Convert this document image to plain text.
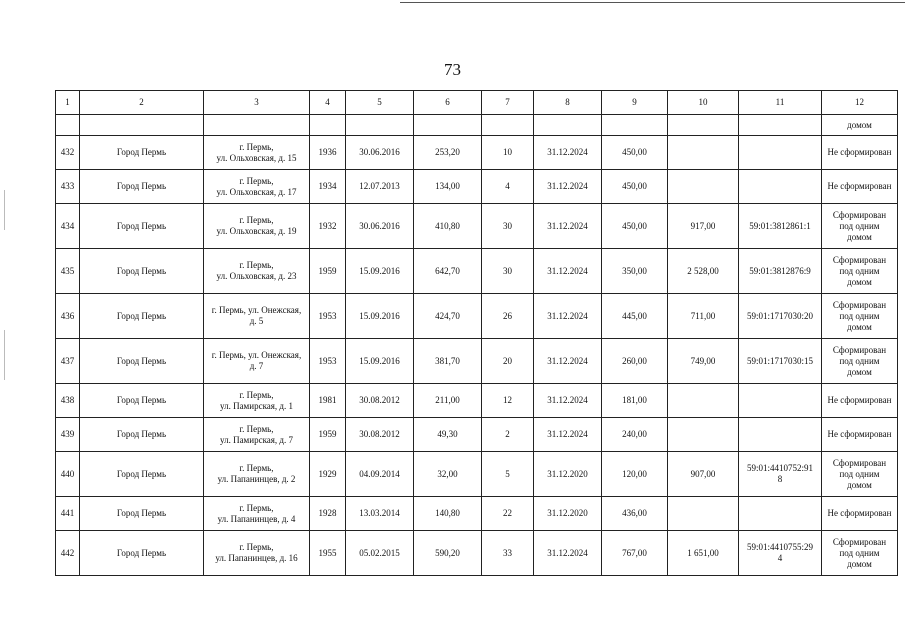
73
1	2	3	4	5	6	7	8	9	10	11	12
											домом
432	Город Пермь	г. Пермь,
ул. Ольховская, д. 15	1936	30.06.2016	253,20	10	31.12.2024	450,00			Не сформирован
433	Город Пермь	г. Пермь,
ул. Ольховская, д. 17	1934	12.07.2013	134,00	4	31.12.2024	450,00			Не сформирован
434	Город Пермь	г. Пермь,
ул. Ольховская, д. 19	1932	30.06.2016	410,80	30	31.12.2024	450,00	917,00	59:01:3812861:1	Сформирован
под одним
домом
435	Город Пермь	г. Пермь,
ул. Ольховская, д. 23	1959	15.09.2016	642,70	30	31.12.2024	350,00	2 528,00	59:01:3812876:9	Сформирован
под одним
домом
436	Город Пермь	г. Пермь, ул. Онежская,
д. 5	1953	15.09.2016	424,70	26	31.12.2024	445,00	711,00	59:01:1717030:20	Сформирован
под одним
домом
437	Город Пермь	г. Пермь, ул. Онежская,
д. 7	1953	15.09.2016	381,70	20	31.12.2024	260,00	749,00	59:01:1717030:15	Сформирован
под одним
домом
438	Город Пермь	г. Пермь,
ул. Памирская, д. 1	1981	30.08.2012	211,00	12	31.12.2024	181,00			Не сформирован
439	Город Пермь	г. Пермь,
ул. Памирская, д. 7	1959	30.08.2012	49,30	2	31.12.2024	240,00			Не сформирован
440	Город Пермь	г. Пермь,
ул. Папанинцев, д. 2	1929	04.09.2014	32,00	5	31.12.2020	120,00	907,00	59:01:4410752:91
8	Сформирован
под одним
домом
441	Город Пермь	г. Пермь,
ул. Папанинцев, д. 4	1928	13.03.2014	140,80	22	31.12.2020	436,00			Не сформирован
442	Город Пермь	г. Пермь,
ул. Папанинцев, д. 16	1955	05.02.2015	590,20	33	31.12.2024	767,00	1 651,00	59:01:4410755:29
4	Сформирован
под одним
домом
